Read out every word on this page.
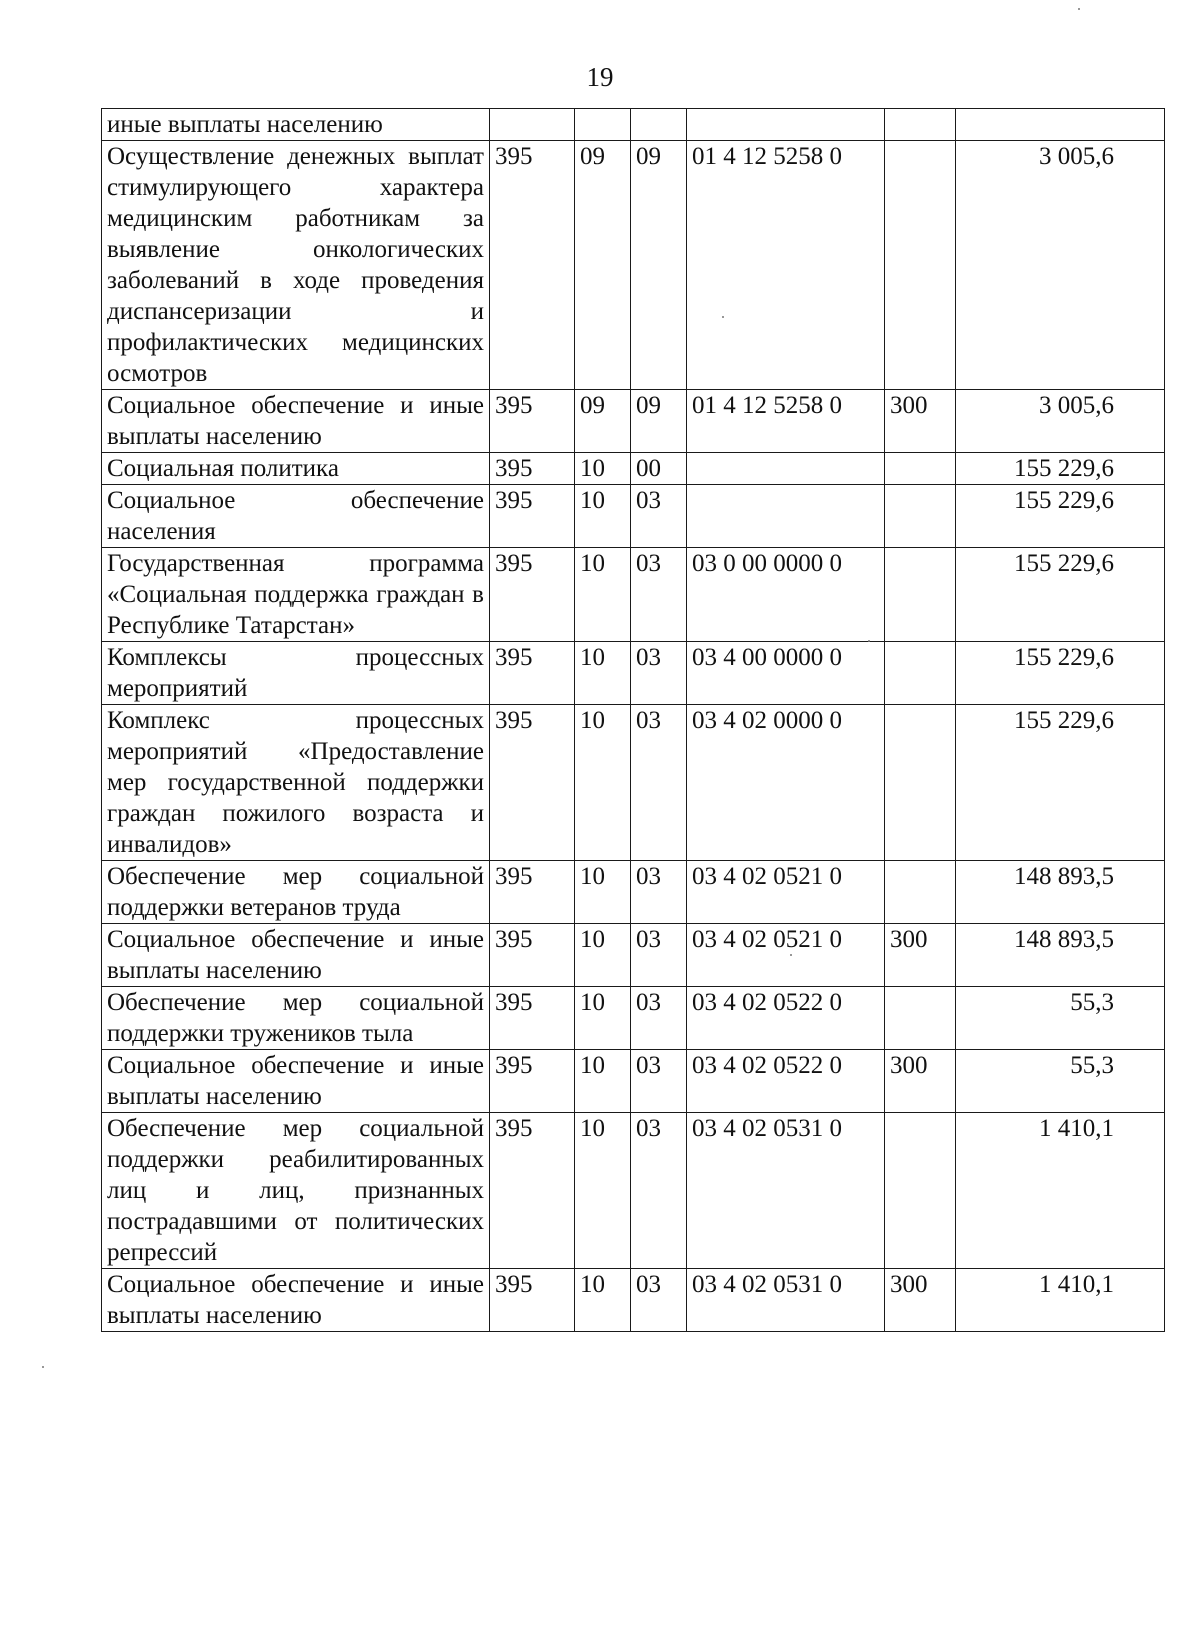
19
иные выплаты населению						
Осуществление денежных выплат стимулирующего характера медицинским работникам за выявление онкологических заболеваний в ходе проведения диспансеризации и профилактических медицинских осмотров	395	09	09	01 4 12 5258 0		3 005,6
Социальное обеспечение и иные выплаты населению	395	09	09	01 4 12 5258 0	300	3 005,6
Социальная политика	395	10	00			155 229,6
Социальное обеспечение населения	395	10	03			155 229,6
Государственная программа «Социальная поддержка граждан в Республике Татарстан»	395	10	03	03 0 00 0000 0		155 229,6
Комплексы процессных мероприятий	395	10	03	03 4 00 0000 0		155 229,6
Комплекс процессных мероприятий «Предоставление мер государственной поддержки граждан пожилого возраста и инвалидов»	395	10	03	03 4 02 0000 0		155 229,6
Обеспечение мер социальной поддержки ветеранов труда	395	10	03	03 4 02 0521 0		148 893,5
Социальное обеспечение и иные выплаты населению	395	10	03	03 4 02 0521 0	300	148 893,5
Обеспечение мер социальной поддержки тружеников тыла	395	10	03	03 4 02 0522 0		55,3
Социальное обеспечение и иные выплаты населению	395	10	03	03 4 02 0522 0	300	55,3
Обеспечение мер социальной поддержки реабилитированных лиц и лиц, признанных пострадавшими от политических репрессий	395	10	03	03 4 02 0531 0		1 410,1
Социальное обеспечение и иные выплаты населению	395	10	03	03 4 02 0531 0	300	1 410,1
